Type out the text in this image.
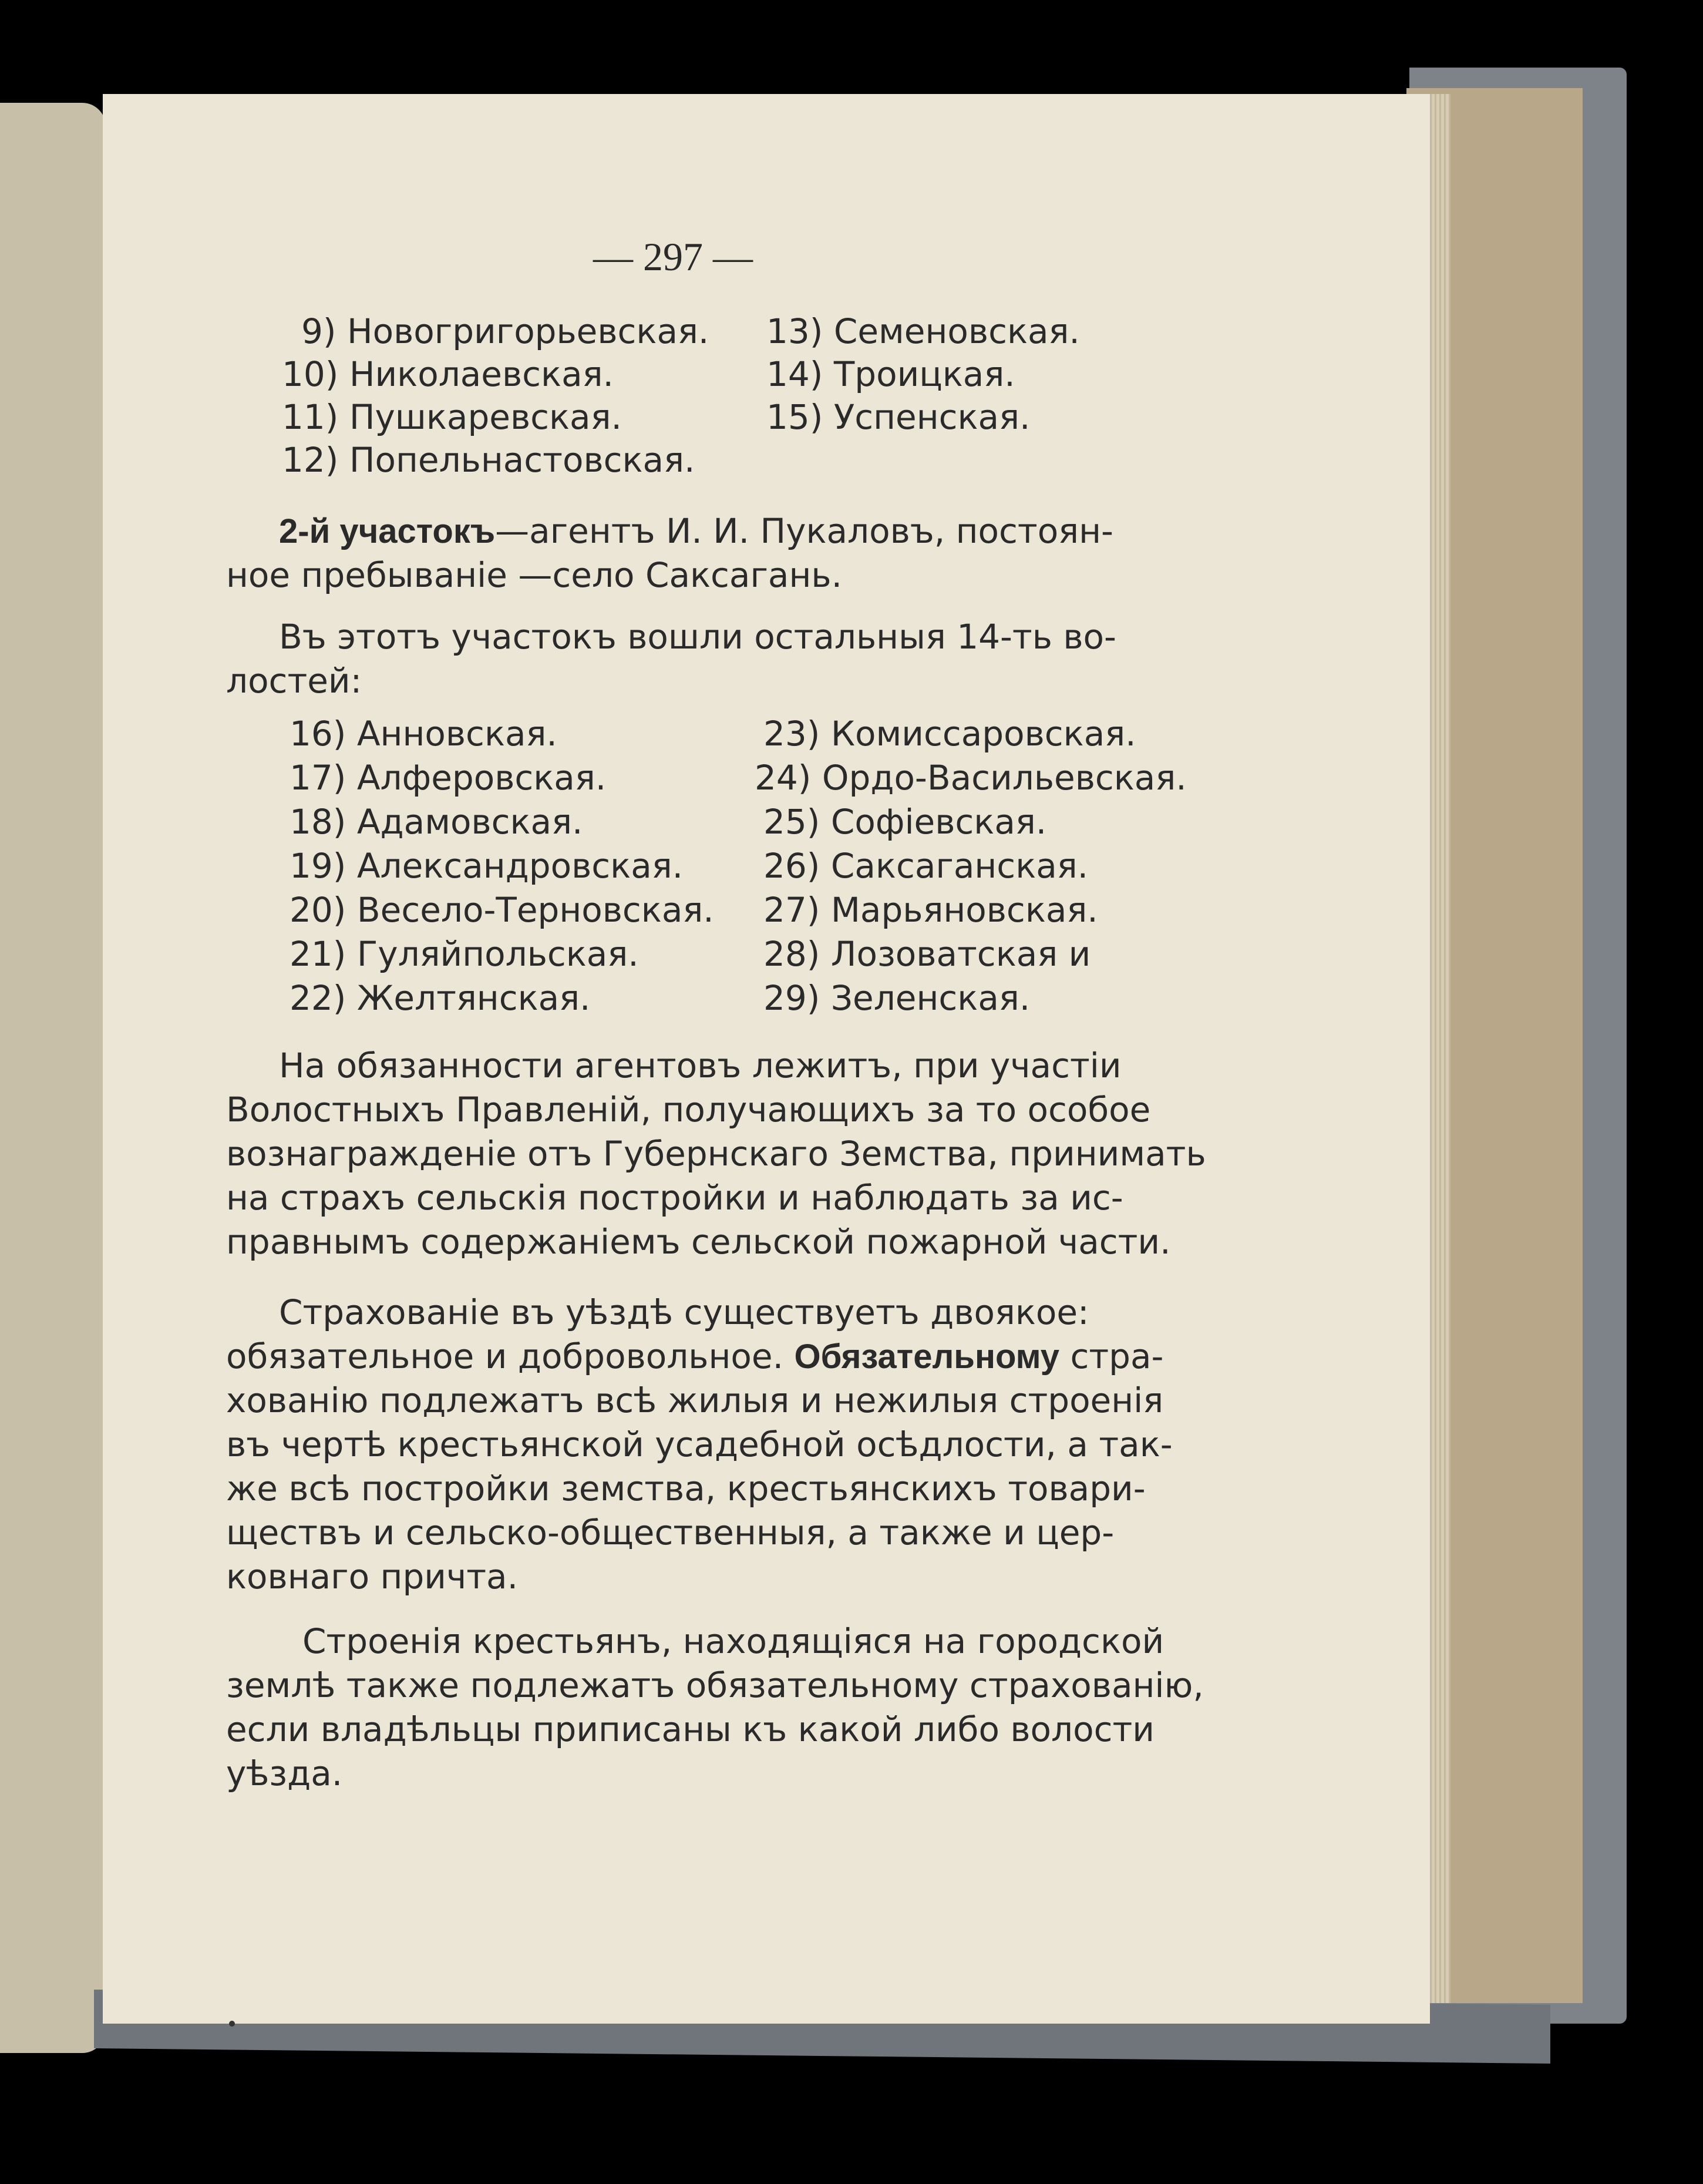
— 297 —
9) Новогригорьевская.
10) Николаевская.
11) Пушкаревская.
12) Попельнастовская.
13) Семеновская.
14) Троицкая.
15) Успенская.
2-й участокъ—агентъ И. И. Пукаловъ, постоян-
ное пребываніе —село Саксагань.
Въ этотъ участокъ вошли остальныя 14-ть во-
лостей:
16) Анновская.
17) Алферовская.
18) Адамовская.
19) Александровская.
20) Весело-Терновская.
21) Гуляйпольская.
22) Желтянская.
23) Комиссаровская.
24) Ордо-Васильевская.
25) Софіевская.
26) Саксаганская.
27) Марьяновская.
28) Лозоватская и
29) Зеленская.
На обязанности агентовъ лежитъ, при участіи
Волостныхъ Правленій, получающихъ за то особое
вознагражденіе отъ Губернскаго Земства, принимать
на страхъ сельскія постройки и наблюдать за ис-
правнымъ содержаніемъ сельской пожарной части.
Страхованіе въ уѣздѣ существуетъ двоякое:
обязательное и добровольное. Обязательному стра-
хованію подлежатъ всѣ жилыя и нежилыя строенія
въ чертѣ крестьянской усадебной осѣдлости, а так-
же всѣ постройки земства, крестьянскихъ товари-
ществъ и сельско-общественныя, а также и цер-
ковнаго причта.
Строенія крестьянъ, находящіяся на городской
землѣ также подлежатъ обязательному страхованію,
если владѣльцы приписаны къ какой либо волости
уѣзда.
